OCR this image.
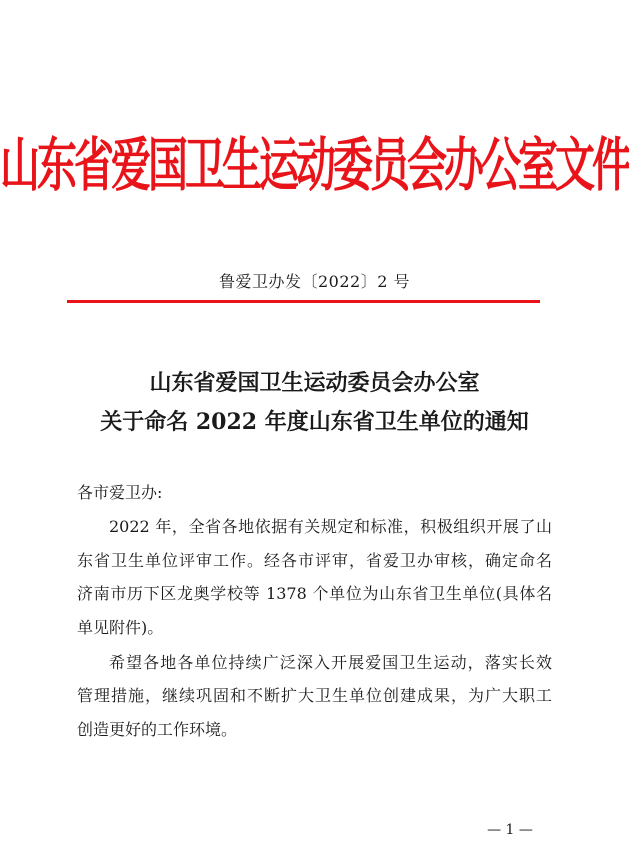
山东省爱国卫生运动委员会办公室文件
鲁爱卫办发〔2022〕2 号
山东省爱国卫生运动委员会办公室
关于命名 2022 年度山东省卫生单位的通知
各市爱卫办:
2022 年，全省各地依据有关规定和标准，积极组织开展了山
东省卫生单位评审工作。经各市评审，省爱卫办审核，确定命名
济南市历下区龙奥学校等 1378 个单位为山东省卫生单位(具体名
单见附件)。
希望各地各单位持续广泛深入开展爱国卫生运动，落实长效
管理措施，继续巩固和不断扩大卫生单位创建成果，为广大职工
创造更好的工作环境。
— 1 —
